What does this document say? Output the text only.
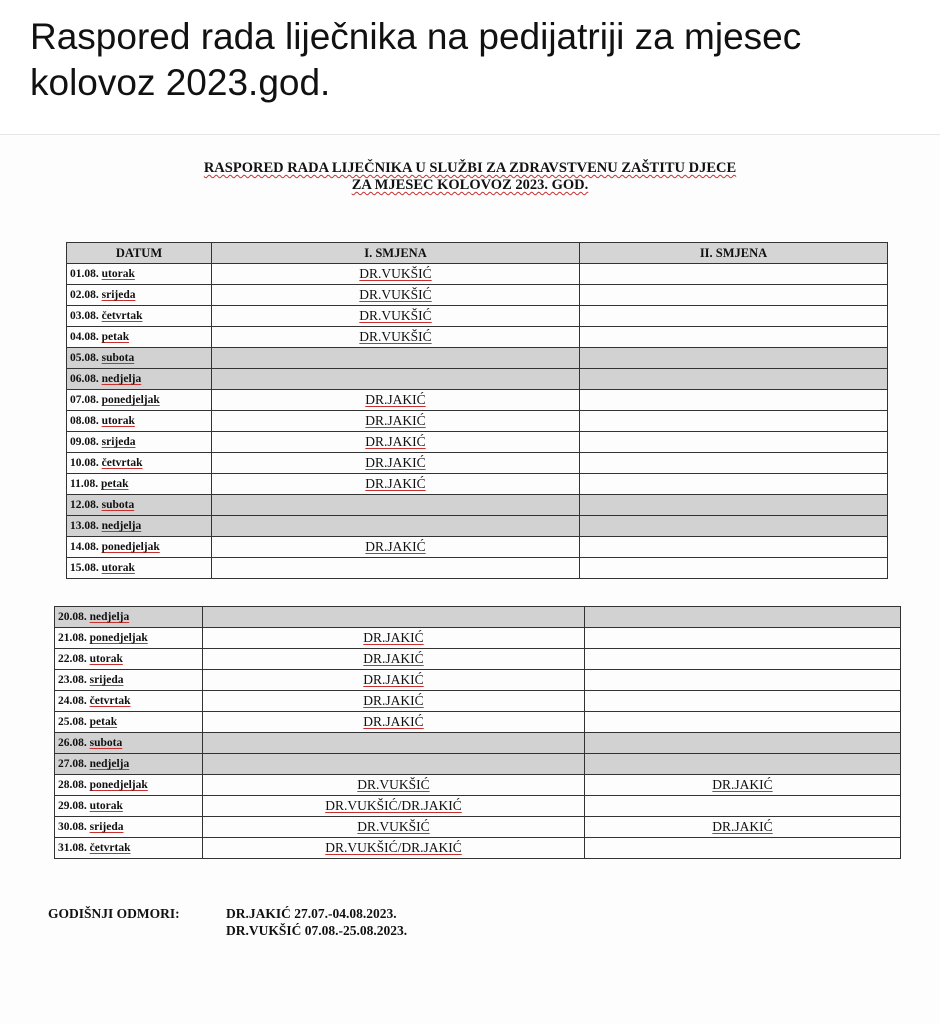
Raspored rada liječnika na pedijatriji za mjesec kolovoz 2023.god.
RASPORED RADA LIJEČNIKA U SLUŽBI ZA ZDRAVSTVENU ZAŠTITU DJECE
ZA MJESEC KOLOVOZ 2023. GOD.
DATUM	I. SMJENA	II. SMJENA
01.08. utorak	DR.VUKŠIĆ	
02.08. srijeda	DR.VUKŠIĆ	
03.08. četvrtak	DR.VUKŠIĆ	
04.08. petak	DR.VUKŠIĆ	
05.08. subota		
06.08. nedjelja		
07.08. ponedjeljak	DR.JAKIĆ	
08.08. utorak	DR.JAKIĆ	
09.08. srijeda	DR.JAKIĆ	
10.08. četvrtak	DR.JAKIĆ	
11.08. petak	DR.JAKIĆ	
12.08. subota		
13.08. nedjelja		
14.08. ponedjeljak	DR.JAKIĆ	
15.08. utorak		
20.08. nedjelja		
21.08. ponedjeljak	DR.JAKIĆ	
22.08. utorak	DR.JAKIĆ	
23.08. srijeda	DR.JAKIĆ	
24.08. četvrtak	DR.JAKIĆ	
25.08. petak	DR.JAKIĆ	
26.08. subota		
27.08. nedjelja		
28.08. ponedjeljak	DR.VUKŠIĆ	DR.JAKIĆ
29.08. utorak	DR.VUKŠIĆ/DR.JAKIĆ	
30.08. srijeda	DR.VUKŠIĆ	DR.JAKIĆ
31.08. četvrtak	DR.VUKŠIĆ/DR.JAKIĆ	
GODIŠNJI ODMORI:	DR.JAKIĆ 27.07.-04.08.2023.
DR.VUKŠIĆ 07.08.-25.08.2023.
